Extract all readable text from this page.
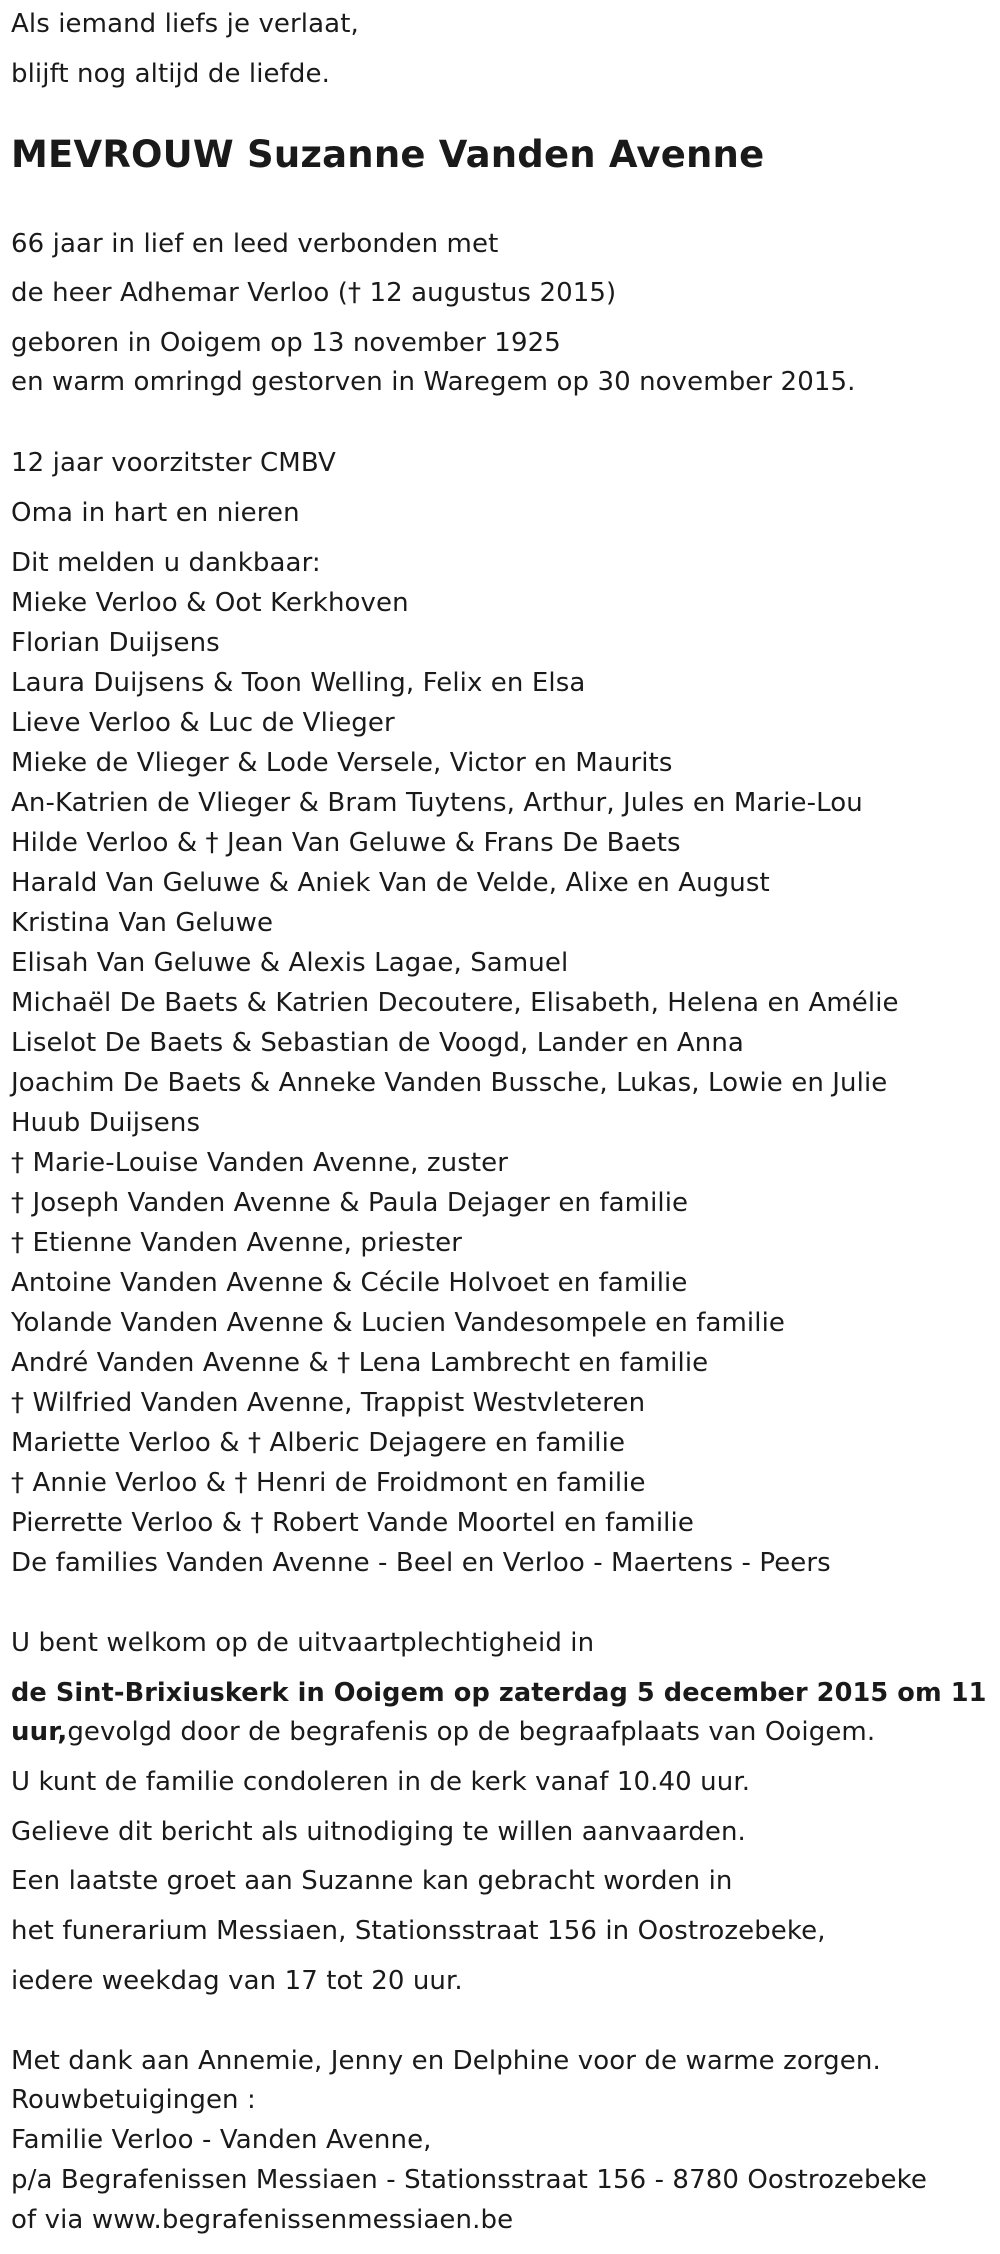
Als iemand liefs je verlaat,
blijft nog altijd de liefde.
MEVROUW Suzanne Vanden Avenne
66 jaar in lief en leed verbonden met
de heer Adhemar Verloo († 12 augustus 2015)
geboren in Ooigem op 13 november 1925
en warm omringd gestorven in Waregem op 30 november 2015.
12 jaar voorzitster CMBV
Oma in hart en nieren
Dit melden u dankbaar:
Mieke Verloo & Oot Kerkhoven
Florian Duijsens
Laura Duijsens & Toon Welling, Felix en Elsa
Lieve Verloo & Luc de Vlieger
Mieke de Vlieger & Lode Versele, Victor en Maurits
An-Katrien de Vlieger & Bram Tuytens, Arthur, Jules en Marie-Lou
Hilde Verloo & † Jean Van Geluwe & Frans De Baets
Harald Van Geluwe & Aniek Van de Velde, Alixe en August
Kristina Van Geluwe
Elisah Van Geluwe & Alexis Lagae, Samuel
Michaël De Baets & Katrien Decoutere, Elisabeth, Helena en Amélie
Liselot De Baets & Sebastian de Voogd, Lander en Anna
Joachim De Baets & Anneke Vanden Bussche, Lukas, Lowie en Julie
Huub Duijsens
† Marie-Louise Vanden Avenne, zuster
† Joseph Vanden Avenne & Paula Dejager en familie
† Etienne Vanden Avenne, priester
Antoine Vanden Avenne & Cécile Holvoet en familie
Yolande Vanden Avenne & Lucien Vandesompele en familie
André Vanden Avenne & † Lena Lambrecht en familie
† Wilfried Vanden Avenne, Trappist Westvleteren
Mariette Verloo & † Alberic Dejagere en familie
† Annie Verloo & † Henri de Froidmont en familie
Pierrette Verloo & † Robert Vande Moortel en familie
De families Vanden Avenne - Beel en Verloo - Maertens - Peers
U bent welkom op de uitvaartplechtigheid in
de Sint-Brixiuskerk in Ooigem op zaterdag 5 december 2015 om 11
uur,gevolgd door de begrafenis op de begraafplaats van Ooigem.
U kunt de familie condoleren in de kerk vanaf 10.40 uur.
Gelieve dit bericht als uitnodiging te willen aanvaarden.
Een laatste groet aan Suzanne kan gebracht worden in
het funerarium Messiaen, Stationsstraat 156 in Oostrozebeke,
iedere weekdag van 17 tot 20 uur.
Met dank aan Annemie, Jenny en Delphine voor de warme zorgen.
Rouwbetuigingen :
Familie Verloo - Vanden Avenne,
p/a Begrafenissen Messiaen - Stationsstraat 156 - 8780 Oostrozebeke
of via www.begrafenissenmessiaen.be
